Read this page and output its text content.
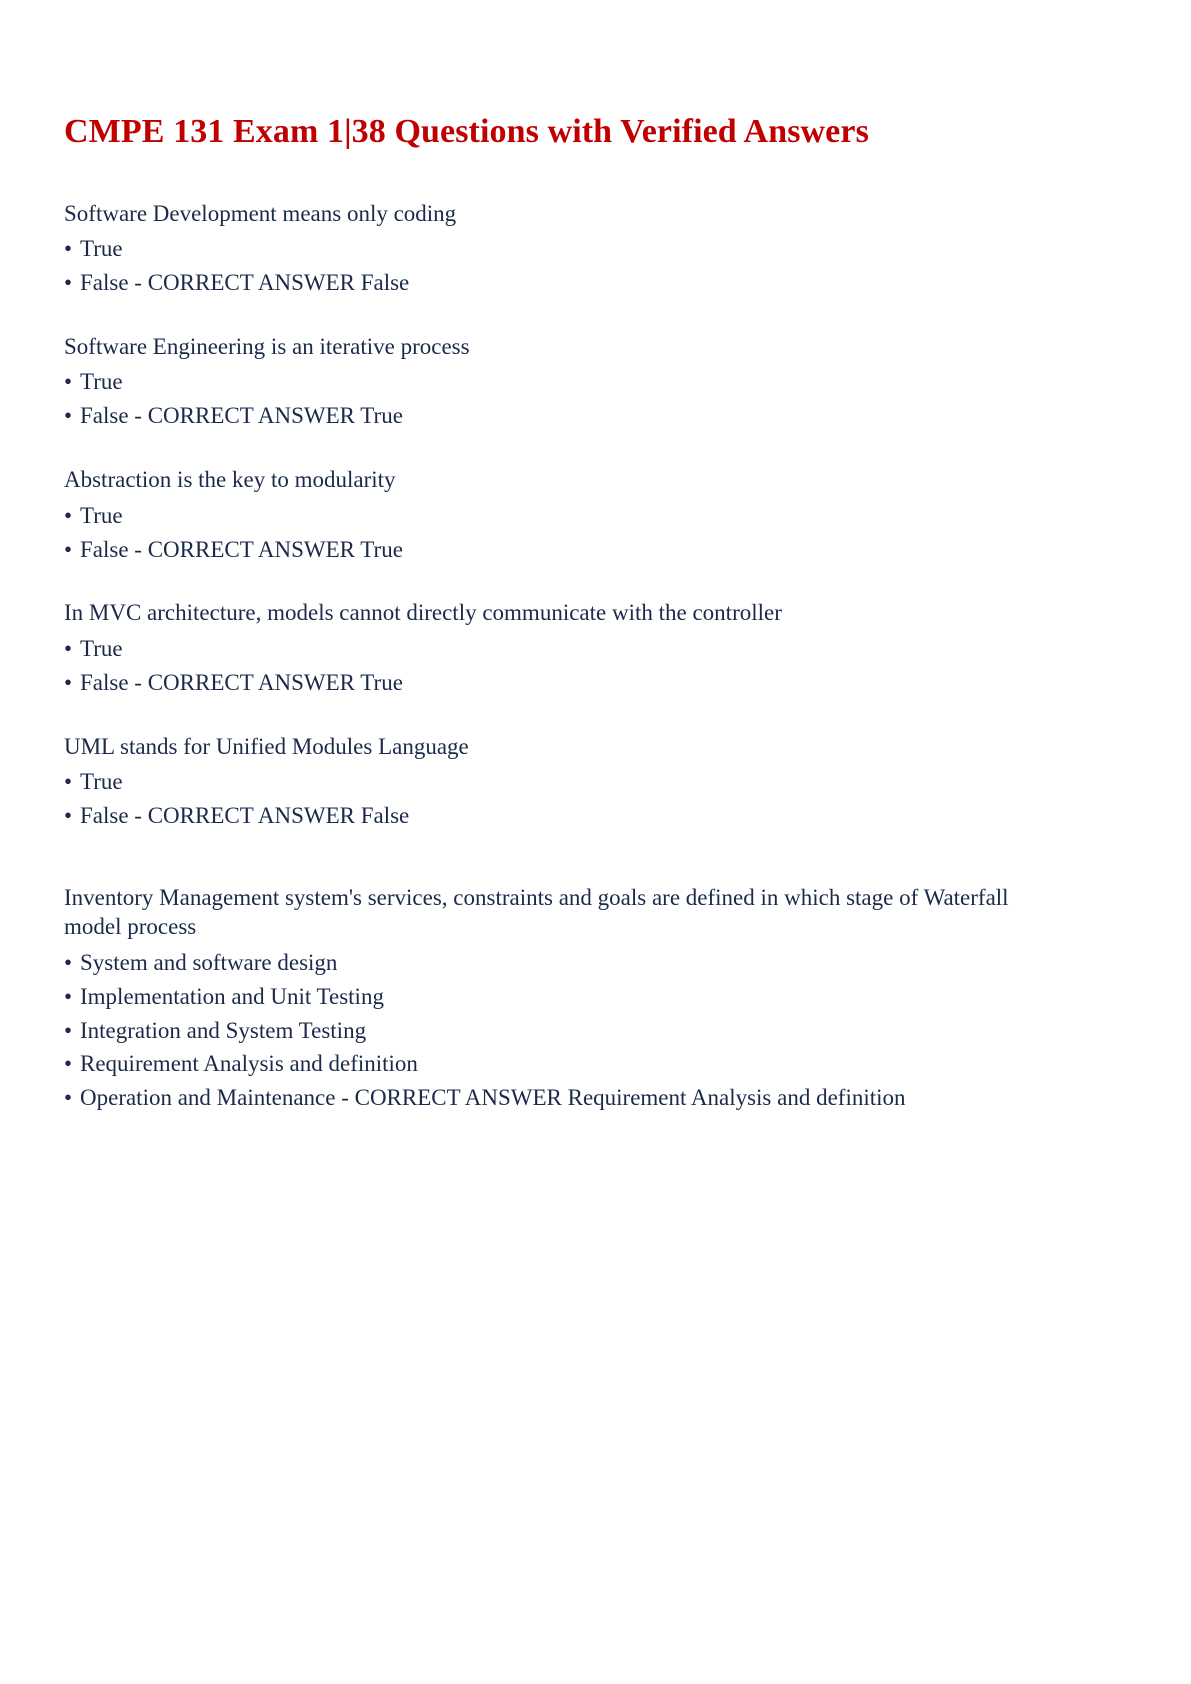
CMPE 131 Exam 1|38 Questions with Verified Answers

Software Development means only coding

• True

• False - CORRECT ANSWER False

Software Engineering is an iterative process

• True

• False - CORRECT ANSWER True

Abstraction is the key to modularity

• True

• False - CORRECT ANSWER True

In MVC architecture, models cannot directly communicate with the controller

• True

• False - CORRECT ANSWER True

UML stands for Unified Modules Language

• True

• False - CORRECT ANSWER False

Inventory Management system's services, constraints and goals are defined in which stage of Waterfall model process

• System and software design

• Implementation and Unit Testing

• Integration and System Testing

• Requirement Analysis and definition

• Operation and Maintenance - CORRECT ANSWER Requirement Analysis and definition
